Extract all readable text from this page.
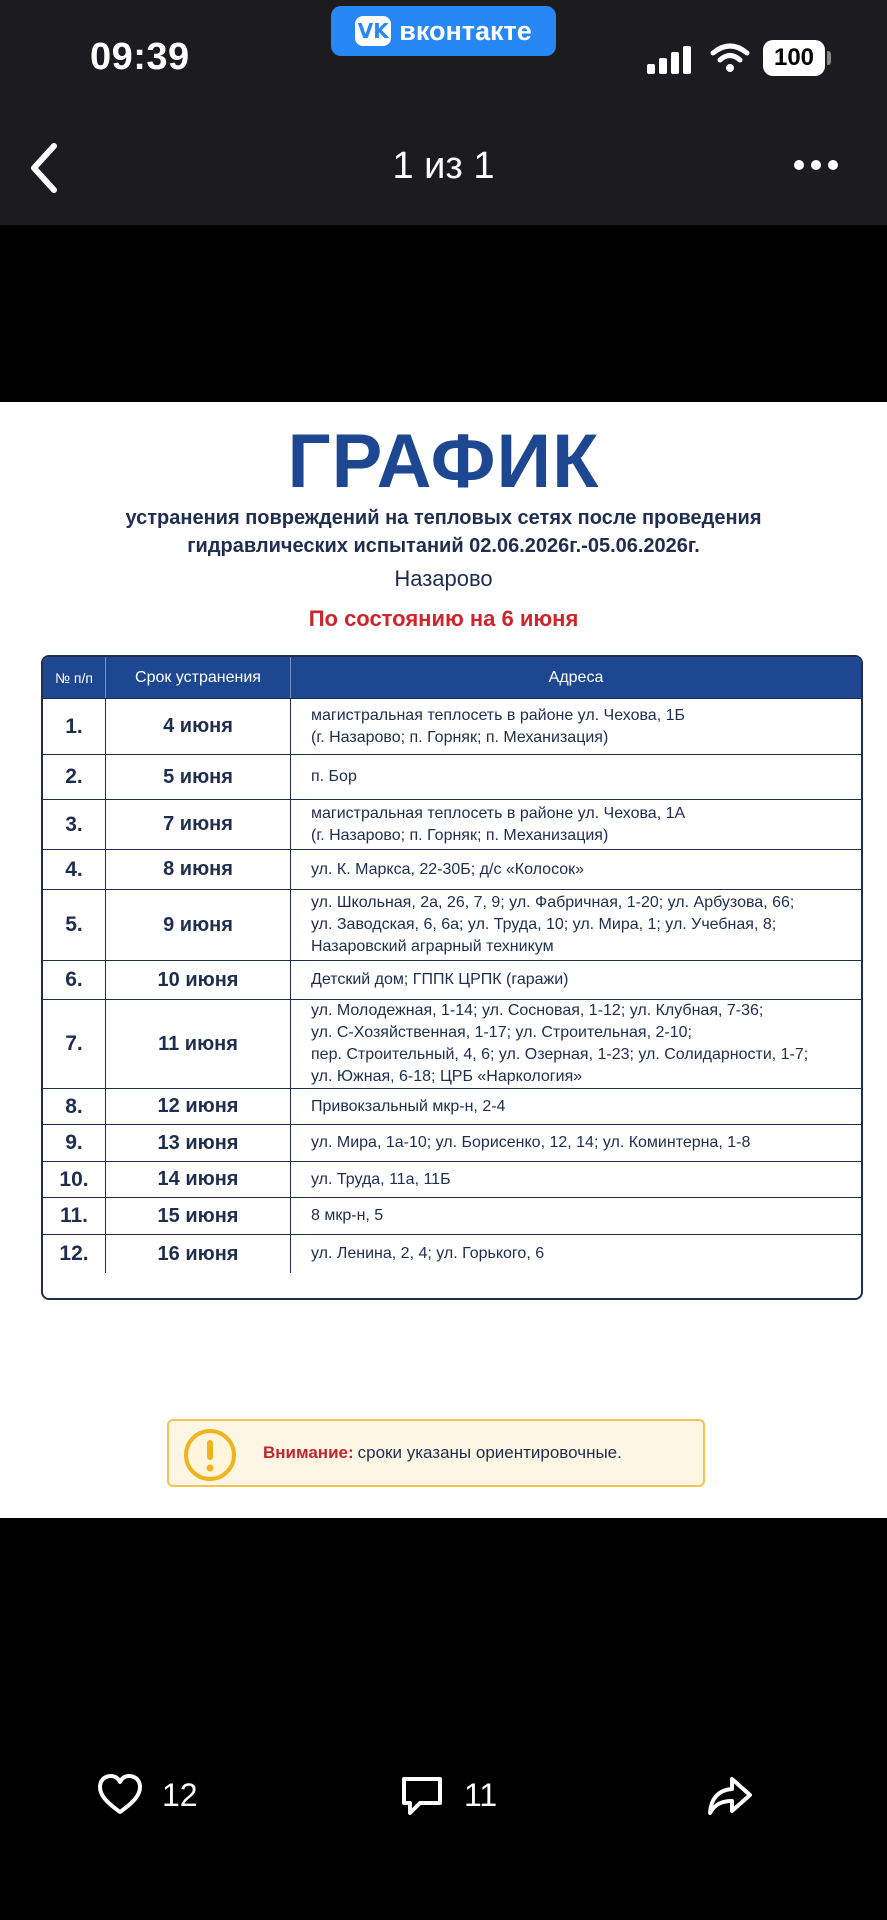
09:39
VK вконтакте
100
1 из 1
ГРАФИК
устранения повреждений на тепловых сетях после проведения
гидравлических испытаний 02.06.2026г.-05.06.2026г.
Назарово
По состоянию на 6 июня
№ п/п	Срок устранения	Адреса
1.	4 июня	магистральная теплосеть в районе ул. Чехова, 1Б
(г. Назарово; п. Горняк; п. Механизация)
2.	5 июня	п. Бор
3.	7 июня	магистральная теплосеть в районе ул. Чехова, 1А
(г. Назарово; п. Горняк; п. Механизация)
4.	8 июня	ул. К. Маркса, 22-30Б; д/с «Колосок»
5.	9 июня
ул. Школьная, 2а, 26, 7, 9; ул. Фабричная, 1-20; ул. Арбузова, 66;
ул. Заводская, 6, 6а; ул. Труда, 10; ул. Мира, 1; ул. Учебная, 8;
Назаровский аграрный техникум
6.	10 июня	Детский дом; ГППК ЦРПК (гаражи)
7.	11 июня
ул. Молодежная, 1-14; ул. Сосновая, 1-12; ул. Клубная, 7-36;
ул. С-Хозяйственная, 1-17; ул. Строительная, 2-10;
пер. Строительный, 4, 6; ул. Озерная, 1-23; ул. Солидарности, 1-7;
ул. Южная, 6-18; ЦРБ «Наркология»
8.	12 июня	Привокзальный мкр-н, 2-4
9.	13 июня	ул. Мира, 1а-10; ул. Борисенко, 12, 14; ул. Коминтерна, 1-8
10.	14 июня	ул. Труда, 11а, 11Б
11.	15 июня	8 мкр-н, 5
12.	16 июня	ул. Ленина, 2, 4; ул. Горького, 6
Внимание: сроки указаны ориентировочные.
12	11
